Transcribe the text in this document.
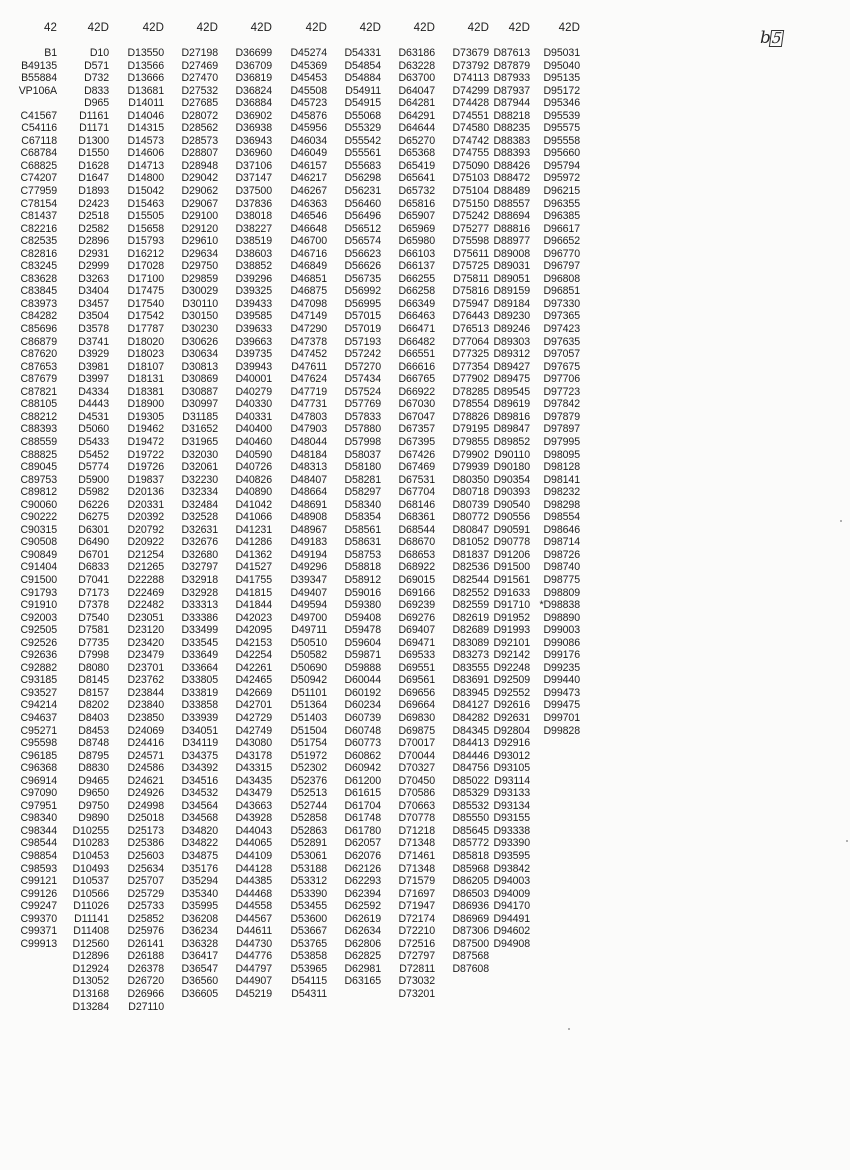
42
B1
B49135
B55884
VP106A
C41567
C54116
C67118
C68784
C68825
C74207
C77959
C78154
C81437
C82216
C82535
C82816
C83245
C83628
C83845
C83973
C84282
C85696
C86879
C87620
C87653
C87679
C87821
C88105
C88212
C88393
C88559
C88825
C89045
C89753
C89812
C90060
C90222
C90315
C90508
C90849
C91404
C91500
C91793
C91910
C92003
C92505
C92526
C92636
C92882
C93185
C93527
C94214
C94637
C95271
C95598
C96185
C96368
C96914
C97090
C97951
C98340
C98344
C98544
C98854
C98593
C99121
C99126
C99247
C99370
C99371
C99913
42D
D10
D571
D732
D833
D965
D1161
D1171
D1300
D1550
D1628
D1647
D1893
D2423
D2518
D2582
D2896
D2931
D2999
D3263
D3404
D3457
D3504
D3578
D3741
D3929
D3981
D3997
D4334
D4443
D4531
D5060
D5433
D5452
D5774
D5900
D5982
D6226
D6275
D6301
D6490
D6701
D6833
D7041
D7173
D7378
D7540
D7581
D7735
D7998
D8080
D8145
D8157
D8202
D8403
D8453
D8748
D8795
D8830
D9465
D9650
D9750
D9890
D10255
D10283
D10453
D10493
D10537
D10566
D11026
D11141
D11408
D12560
D12896
D12924
D13052
D13168
D13284
42D
D13550
D13566
D13666
D13681
D14011
D14046
D14315
D14573
D14606
D14713
D14800
D15042
D15463
D15505
D15658
D15793
D16212
D17028
D17100
D17475
D17540
D17542
D17787
D18020
D18023
D18107
D18131
D18381
D18900
D19305
D19462
D19472
D19722
D19726
D19837
D20136
D20331
D20392
D20792
D20922
D21254
D21265
D22288
D22469
D22482
D23051
D23120
D23420
D23479
D23701
D23762
D23844
D23840
D23850
D24069
D24416
D24571
D24586
D24621
D24926
D24998
D25018
D25173
D25386
D25603
D25634
D25707
D25729
D25733
D25852
D25976
D26141
D26188
D26378
D26720
D26966
D27110
42D
D27198
D27469
D27470
D27532
D27685
D28072
D28562
D28573
D28807
D28948
D29042
D29062
D29067
D29100
D29120
D29610
D29634
D29750
D29859
D30029
D30110
D30150
D30230
D30626
D30634
D30813
D30869
D30887
D30997
D31185
D31652
D31965
D32030
D32061
D32230
D32334
D32484
D32528
D32631
D32676
D32680
D32797
D32918
D32928
D33313
D33386
D33499
D33545
D33649
D33664
D33805
D33819
D33858
D33939
D34051
D34119
D34375
D34392
D34516
D34532
D34564
D34568
D34820
D34822
D34875
D35176
D35294
D35340
D35995
D36208
D36234
D36328
D36417
D36547
D36560
D36605
42D
D36699
D36709
D36819
D36824
D36884
D36902
D36938
D36943
D36960
D37106
D37147
D37500
D37836
D38018
D38227
D38519
D38603
D38852
D39296
D39325
D39433
D39585
D39633
D39663
D39735
D39943
D40001
D40279
D40330
D40331
D40400
D40460
D40590
D40726
D40826
D40890
D41042
D41066
D41231
D41286
D41362
D41527
D41755
D41815
D41844
D42023
D42095
D42153
D42254
D42261
D42465
D42669
D42701
D42729
D42749
D43080
D43178
D43315
D43435
D43479
D43663
D43928
D44043
D44065
D44109
D44128
D44385
D44468
D44558
D44567
D44611
D44730
D44776
D44797
D44907
D45219
42D
D45274
D45369
D45453
D45508
D45723
D45876
D45956
D46034
D46049
D46157
D46217
D46267
D46363
D46546
D46648
D46700
D46716
D46849
D46851
D46875
D47098
D47149
D47290
D47378
D47452
D47611
D47624
D47719
D47731
D47803
D47903
D48044
D48184
D48313
D48407
D48664
D48691
D48908
D48967
D49183
D49194
D49296
D39347
D49407
D49594
D49700
D49711
D50510
D50582
D50690
D50942
D51101
D51364
D51403
D51504
D51754
D51972
D52302
D52376
D52513
D52744
D52858
D52863
D52891
D53061
D53188
D53312
D53390
D53455
D53600
D53667
D53765
D53858
D53965
D54115
D54311
42D
D54331
D54854
D54884
D54911
D54915
D55068
D55329
D55542
D55561
D55683
D56298
D56231
D56460
D56496
D56512
D56574
D56623
D56626
D56735
D56992
D56995
D57015
D57019
D57193
D57242
D57270
D57434
D57524
D57769
D57833
D57880
D57998
D58037
D58180
D58281
D58297
D58340
D58354
D58561
D58631
D58753
D58818
D58912
D59016
D59380
D59408
D59478
D59604
D59871
D59888
D60044
D60192
D60234
D60739
D60748
D60773
D60862
D60942
D61200
D61615
D61704
D61748
D61780
D62057
D62076
D62126
D62293
D62394
D62592
D62619
D62634
D62806
D62825
D62981
D63165
42D
D63186
D63228
D63700
D64047
D64281
D64291
D64644
D65270
D65368
D65419
D65641
D65732
D65816
D65907
D65969
D65980
D66103
D66137
D66255
D66258
D66349
D66463
D66471
D66482
D66551
D66616
D66765
D66922
D67030
D67047
D67357
D67395
D67426
D67469
D67531
D67704
D68146
D68361
D68544
D68670
D68653
D68922
D69015
D69166
D69239
D69276
D69407
D69471
D69533
D69551
D69561
D69656
D69664
D69830
D69875
D70017
D70044
D70327
D70450
D70586
D70663
D70778
D71218
D71348
D71461
D71348
D71579
D71697
D71947
D72174
D72210
D72516
D72797
D72811
D73032
D73201
42D
D73679
D73792
D74113
D74299
D74428
D74551
D74580
D74742
D74755
D75090
D75103
D75104
D75150
D75242
D75277
D75598
D75611
D75725
D75811
D75816
D75947
D76443
D76513
D77064
D77325
D77354
D77902
D78285
D78554
D78826
D79195
D79855
D79902
D79939
D80350
D80718
D80739
D80772
D80847
D81052
D81837
D82536
D82544
D82552
D82559
D82619
D82689
D83089
D83273
D83555
D83691
D83945
D84127
D84282
D84345
D84413
D84446
D84756
D85022
D85329
D85532
D85550
D85645
D85772
D85818
D85968
D86205
D86503
D86936
D86969
D87306
D87500
D87568
D87608
42D
D87613
D87879
D87933
D87937
D87944
D88218
D88235
D88383
D88393
D88426
D88472
D88489
D88557
D88694
D88816
D88977
D89008
D89031
D89051
D89159
D89184
D89230
D89246
D89303
D89312
D89427
D89475
D89545
D89619
D89816
D89847
D89852
D90110
D90180
D90354
D90393
D90540
D90556
D90591
D90778
D91206
D91500
D91561
D91633
D91710
D91952
D91993
D92101
D92142
D92248
D92509
D92552
D92616
D92631
D92804
D92916
D93012
D93105
D93114
D93133
D93134
D93155
D93338
D93390
D93595
D93842
D94003
D94009
D94170
D94491
D94602
D94908
42D
D95031
D95040
D95135
D95172
D95346
D95539
D95575
D95558
D95660
D95794
D95972
D96215
D96355
D96385
D96617
D96652
D96770
D96797
D96808
D96851
D97330
D97365
D97423
D97635
D97057
D97675
D97706
D97723
D97842
D97879
D97897
D97995
D98095
D98128
D98141
D98232
D98298
D98554
D98646
D98714
D98726
D98740
D98775
D98809
*D98838
D98890
D99003
D99086
D99176
D99235
D99440
D99473
D99475
D99701
D99828
b5
